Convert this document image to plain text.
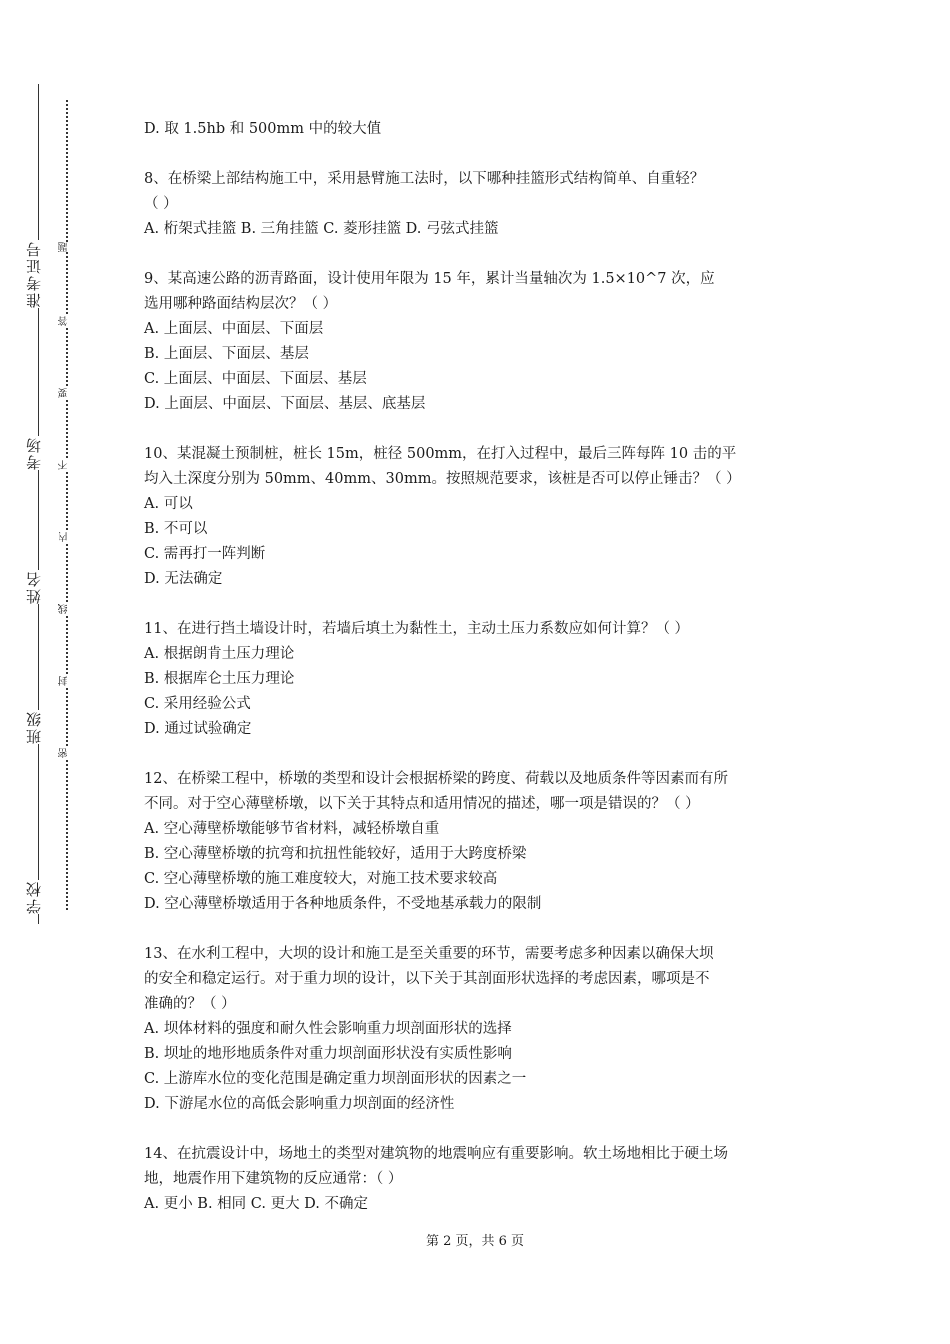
准考证号
考场
姓名
班级
学校
题
答
要
不
内
线
封
密
D. 取 1.5hb 和 500mm 中的较大值
8、在桥梁上部结构施工中，采用悬臂施工法时，以下哪种挂篮形式结构简单、自重轻？
（ ）
A. 桁架式挂篮 B. 三角挂篮 C. 菱形挂篮 D. 弓弦式挂篮
9、某高速公路的沥青路面，设计使用年限为 15 年，累计当量轴次为 1.5×10^7 次，应
选用哪种路面结构层次？（ ）
A. 上面层、中面层、下面层
B. 上面层、下面层、基层
C. 上面层、中面层、下面层、基层
D. 上面层、中面层、下面层、基层、底基层
10、某混凝土预制桩，桩长 15m，桩径 500mm，在打入过程中，最后三阵每阵 10 击的平
均入土深度分别为 50mm、40mm、30mm。按照规范要求，该桩是否可以停止锤击？（ ）
A. 可以
B. 不可以
C. 需再打一阵判断
D. 无法确定
11、在进行挡土墙设计时，若墙后填土为黏性土，主动土压力系数应如何计算？（ ）
A. 根据朗肯土压力理论
B. 根据库仑土压力理论
C. 采用经验公式
D. 通过试验确定
12、在桥梁工程中，桥墩的类型和设计会根据桥梁的跨度、荷载以及地质条件等因素而有所
不同。对于空心薄壁桥墩，以下关于其特点和适用情况的描述，哪一项是错误的？（ ）
A. 空心薄壁桥墩能够节省材料，减轻桥墩自重
B. 空心薄壁桥墩的抗弯和抗扭性能较好，适用于大跨度桥梁
C. 空心薄壁桥墩的施工难度较大，对施工技术要求较高
D. 空心薄壁桥墩适用于各种地质条件，不受地基承载力的限制
13、在水利工程中，大坝的设计和施工是至关重要的环节，需要考虑多种因素以确保大坝
的安全和稳定运行。对于重力坝的设计，以下关于其剖面形状选择的考虑因素，哪项是不
准确的？（ ）
A. 坝体材料的强度和耐久性会影响重力坝剖面形状的选择
B. 坝址的地形地质条件对重力坝剖面形状没有实质性影响
C. 上游库水位的变化范围是确定重力坝剖面形状的因素之一
D. 下游尾水位的高低会影响重力坝剖面的经济性
14、在抗震设计中，场地土的类型对建筑物的地震响应有重要影响。软土场地相比于硬土场
地，地震作用下建筑物的反应通常：（ ）
A. 更小 B. 相同 C. 更大 D. 不确定
第 2 页，共 6 页
